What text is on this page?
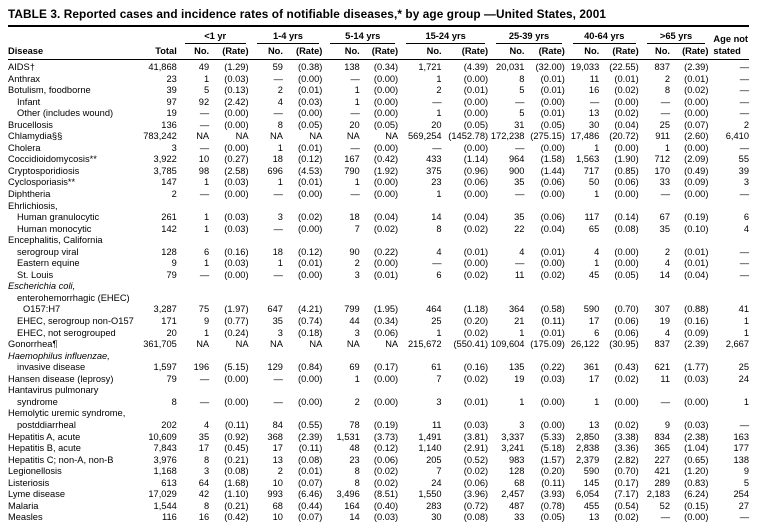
TABLE 3. Reported cases and incidence rates of notifiable diseases,* by age group —United States, 2001

		<1 yr		1-4 yrs		5-14 yrs		15-24 yrs		25-39 yrs		40-64 yrs		>65 yrs		Age not
stated

Disease	Total	No.	(Rate)	No.	(Rate)	No.	(Rate)	No.	(Rate)	No.	(Rate)	No.	(Rate)	No.	(Rate)	
AIDS†	41,868	49	(1.29)	59	(0.38)	138	(0.34)	1,721	(4.39)	20,031	(32.00)	19,033	(22.55)	837	(2.39)	—
Anthrax	23	1	(0.03)	—	(0.00)	—	(0.00)	1	(0.00)	8	(0.01)	11	(0.01)	2	(0.01)	—
Botulism, foodborne	39	5	(0.13)	2	(0.01)	1	(0.00)	2	(0.01)	5	(0.01)	16	(0.02)	8	(0.02)	—
Infant	97	92	(2.42)	4	(0.03)	1	(0.00)	—	(0.00)	—	(0.00)	—	(0.00)	—	(0.00)	—
Other (includes wound)	19	—	(0.00)	—	(0.00)	—	(0.00)	1	(0.00)	5	(0.01)	13	(0.02)	—	(0.00)	—
Brucellosis	136	—	(0.00)	8	(0.05)	20	(0.05)	20	(0.05)	31	(0.05)	30	(0.04)	25	(0.07)	2
Chlamydia§§	783,242	NA	NA	NA	NA	NA	NA	569,254	(1452.78)	172,238	(275.15)	17,486	(20.72)	911	(2.60)	6,410
Cholera	3	—	(0.00)	1	(0.01)	—	(0.00)	—	(0.00)	—	(0.00)	1	(0.00)	1	(0.00)	—
Coccidioidomycosis**	3,922	10	(0.27)	18	(0.12)	167	(0.42)	433	(1.14)	964	(1.58)	1,563	(1.90)	712	(2.09)	55
Cryptosporidiosis	3,785	98	(2.58)	696	(4.53)	790	(1.92)	375	(0.96)	900	(1.44)	717	(0.85)	170	(0.49)	39
Cyclosporiasis**	147	1	(0.03)	1	(0.01)	1	(0.00)	23	(0.06)	35	(0.06)	50	(0.06)	33	(0.09)	3
Diphtheria	2	—	(0.00)	—	(0.00)	—	(0.00)	1	(0.00)	—	(0.00)	1	(0.00)	—	(0.00)	—
Ehrlichiosis,																
Human granulocytic	261	1	(0.03)	3	(0.02)	18	(0.04)	14	(0.04)	35	(0.06)	117	(0.14)	67	(0.19)	6
Human monocytic	142	1	(0.03)	—	(0.00)	7	(0.02)	8	(0.02)	22	(0.04)	65	(0.08)	35	(0.10)	4
Encephalitis, California																
serogroup viral	128	6	(0.16)	18	(0.12)	90	(0.22)	4	(0.01)	4	(0.01)	4	(0.00)	2	(0.01)	—
Eastern equine	9	1	(0.03)	1	(0.01)	2	(0.00)	—	(0.00)	—	(0.00)	1	(0.00)	4	(0.01)	—
St. Louis	79	—	(0.00)	—	(0.00)	3	(0.01)	6	(0.02)	11	(0.02)	45	(0.05)	14	(0.04)	—
Escherichia coli,																
enterohemorrhagic (EHEC)																
O157:H7	3,287	75	(1.97)	647	(4.21)	799	(1.95)	464	(1.18)	364	(0.58)	590	(0.70)	307	(0.88)	41
EHEC, serogroup non-O157	171	9	(0.77)	35	(0.74)	44	(0.34)	25	(0.20)	21	(0.11)	17	(0.06)	19	(0.16)	1
EHEC, not serogrouped	20	1	(0.24)	3	(0.18)	3	(0.06)	1	(0.02)	1	(0.01)	6	(0.06)	4	(0.09)	1
Gonorrhea¶	361,705	NA	NA	NA	NA	NA	NA	215,672	(550.41)	109,604	(175.09)	26,122	(30.95)	837	(2.39)	2,667
Haemophilus influenzae,																
invasive disease	1,597	196	(5.15)	129	(0.84)	69	(0.17)	61	(0.16)	135	(0.22)	361	(0.43)	621	(1.77)	25
Hansen disease (leprosy)	79	—	(0.00)	—	(0.00)	1	(0.00)	7	(0.02)	19	(0.03)	17	(0.02)	11	(0.03)	24
Hantavirus pulmonary																
syndrome	8	—	(0.00)	—	(0.00)	2	(0.00)	3	(0.01)	1	(0.00)	1	(0.00)	—	(0.00)	1
Hemolytic uremic syndrome,																
postddiarrheal	202	4	(0.11)	84	(0.55)	78	(0.19)	11	(0.03)	3	(0.00)	13	(0.02)	9	(0.03)	—
Hepatitis A, acute	10,609	35	(0.92)	368	(2.39)	1,531	(3.73)	1,491	(3.81)	3,337	(5.33)	2,850	(3.38)	834	(2.38)	163
Hepatitis B, acute	7,843	17	(0.45)	17	(0.11)	48	(0.12)	1,140	(2.91)	3,241	(5.18)	2,838	(3.36)	365	(1.04)	177
Hepatitis C; non-A, non-B	3,976	8	(0.21)	13	(0.08)	23	(0.06)	205	(0.52)	983	(1.57)	2,379	(2.82)	227	(0.65)	138
Legionellosis	1,168	3	(0.08)	2	(0.01)	8	(0.02)	7	(0.02)	128	(0.20)	590	(0.70)	421	(1.20)	9
Listeriosis	613	64	(1.68)	10	(0.07)	8	(0.02)	24	(0.06)	68	(0.11)	145	(0.17)	289	(0.83)	5
Lyme disease	17,029	42	(1.10)	993	(6.46)	3,496	(8.51)	1,550	(3.96)	2,457	(3.93)	6,054	(7.17)	2,183	(6.24)	254
Malaria	1,544	8	(0.21)	68	(0.44)	164	(0.40)	283	(0.72)	487	(0.78)	455	(0.54)	52	(0.15)	27
Measles	116	16	(0.42)	10	(0.07)	14	(0.03)	30	(0.08)	33	(0.05)	13	(0.02)	—	(0.00)	—
